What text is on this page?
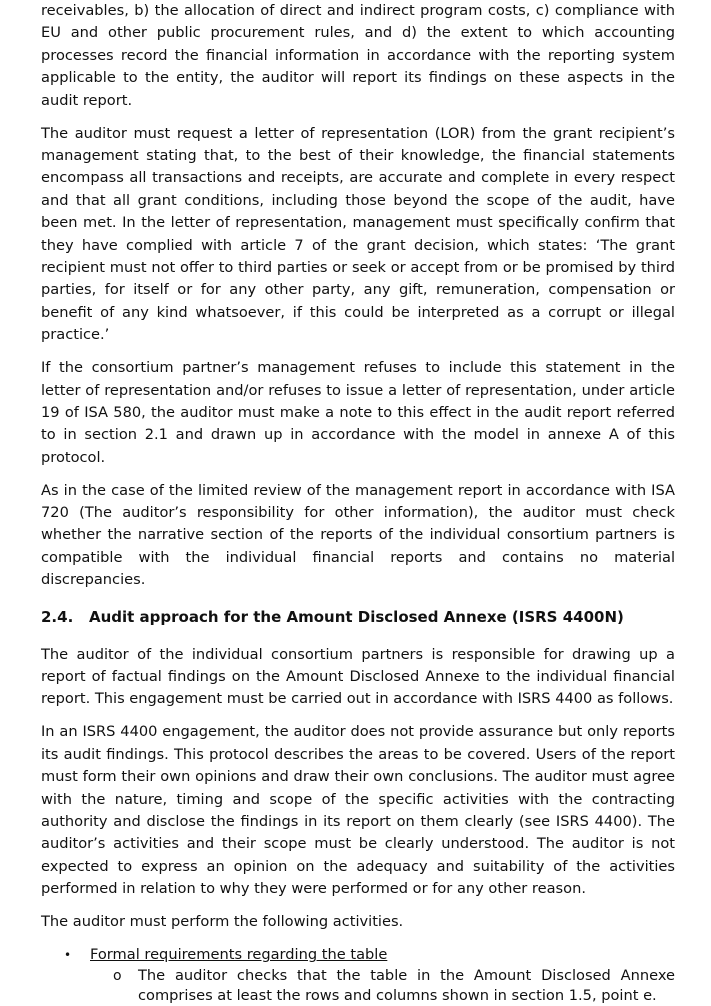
receivables, b) the allocation of direct and indirect program costs, c) compliance with EU and other public procurement rules, and d) the extent to which accounting processes record the financial information in accordance with the reporting system applicable to the entity, the auditor will report its findings on these aspects in the audit report.

The auditor must request a letter of representation (LOR) from the grant recipient’s management stating that, to the best of their knowledge, the financial statements encompass all transactions and receipts, are accurate and complete in every respect and that all grant conditions, including those beyond the scope of the audit, have been met. In the letter of representation, management must specifically confirm that they have complied with article 7 of the grant decision, which states: ‘The grant recipient must not offer to third parties or seek or accept from or be promised by third parties, for itself or for any other party, any gift, remuneration, compensation or benefit of any kind whatsoever, if this could be interpreted as a corrupt or illegal practice.’

If the consortium partner’s management refuses to include this statement in the letter of representation and/or refuses to issue a letter of representation, under article 19 of ISA 580, the auditor must make a note to this effect in the audit report referred to in section 2.1 and drawn up in accordance with the model in annexe A of this protocol.

As in the case of the limited review of the management report in accordance with ISA 720 (The auditor’s responsibility for other information), the auditor must check whether the narrative section of the reports of the individual consortium partners is compatible with the individual financial reports and contains no material discrepancies.

2.4.	Audit approach for the Amount Disclosed Annexe (ISRS 4400N)

The auditor of the individual consortium partners is responsible for drawing up a report of factual findings on the Amount Disclosed Annexe to the individual financial report. This engagement must be carried out in accordance with ISRS 4400 as follows.

In an ISRS 4400 engagement, the auditor does not provide assurance but only reports its audit findings. This protocol describes the areas to be covered. Users of the report must form their own opinions and draw their own conclusions. The auditor must agree with the nature, timing and scope of the specific activities with the contracting authority and disclose the findings in its report on them clearly (see ISRS 4400). The auditor’s activities and their scope must be clearly understood. The auditor is not expected to express an opinion on the adequacy and suitability of the activities performed in relation to why they were performed or for any other reason.

The auditor must perform the following activities.

• Formal requirements regarding the table
o The auditor checks that the table in the Amount Disclosed Annexe comprises at least the rows and columns shown in section 1.5, point e.
